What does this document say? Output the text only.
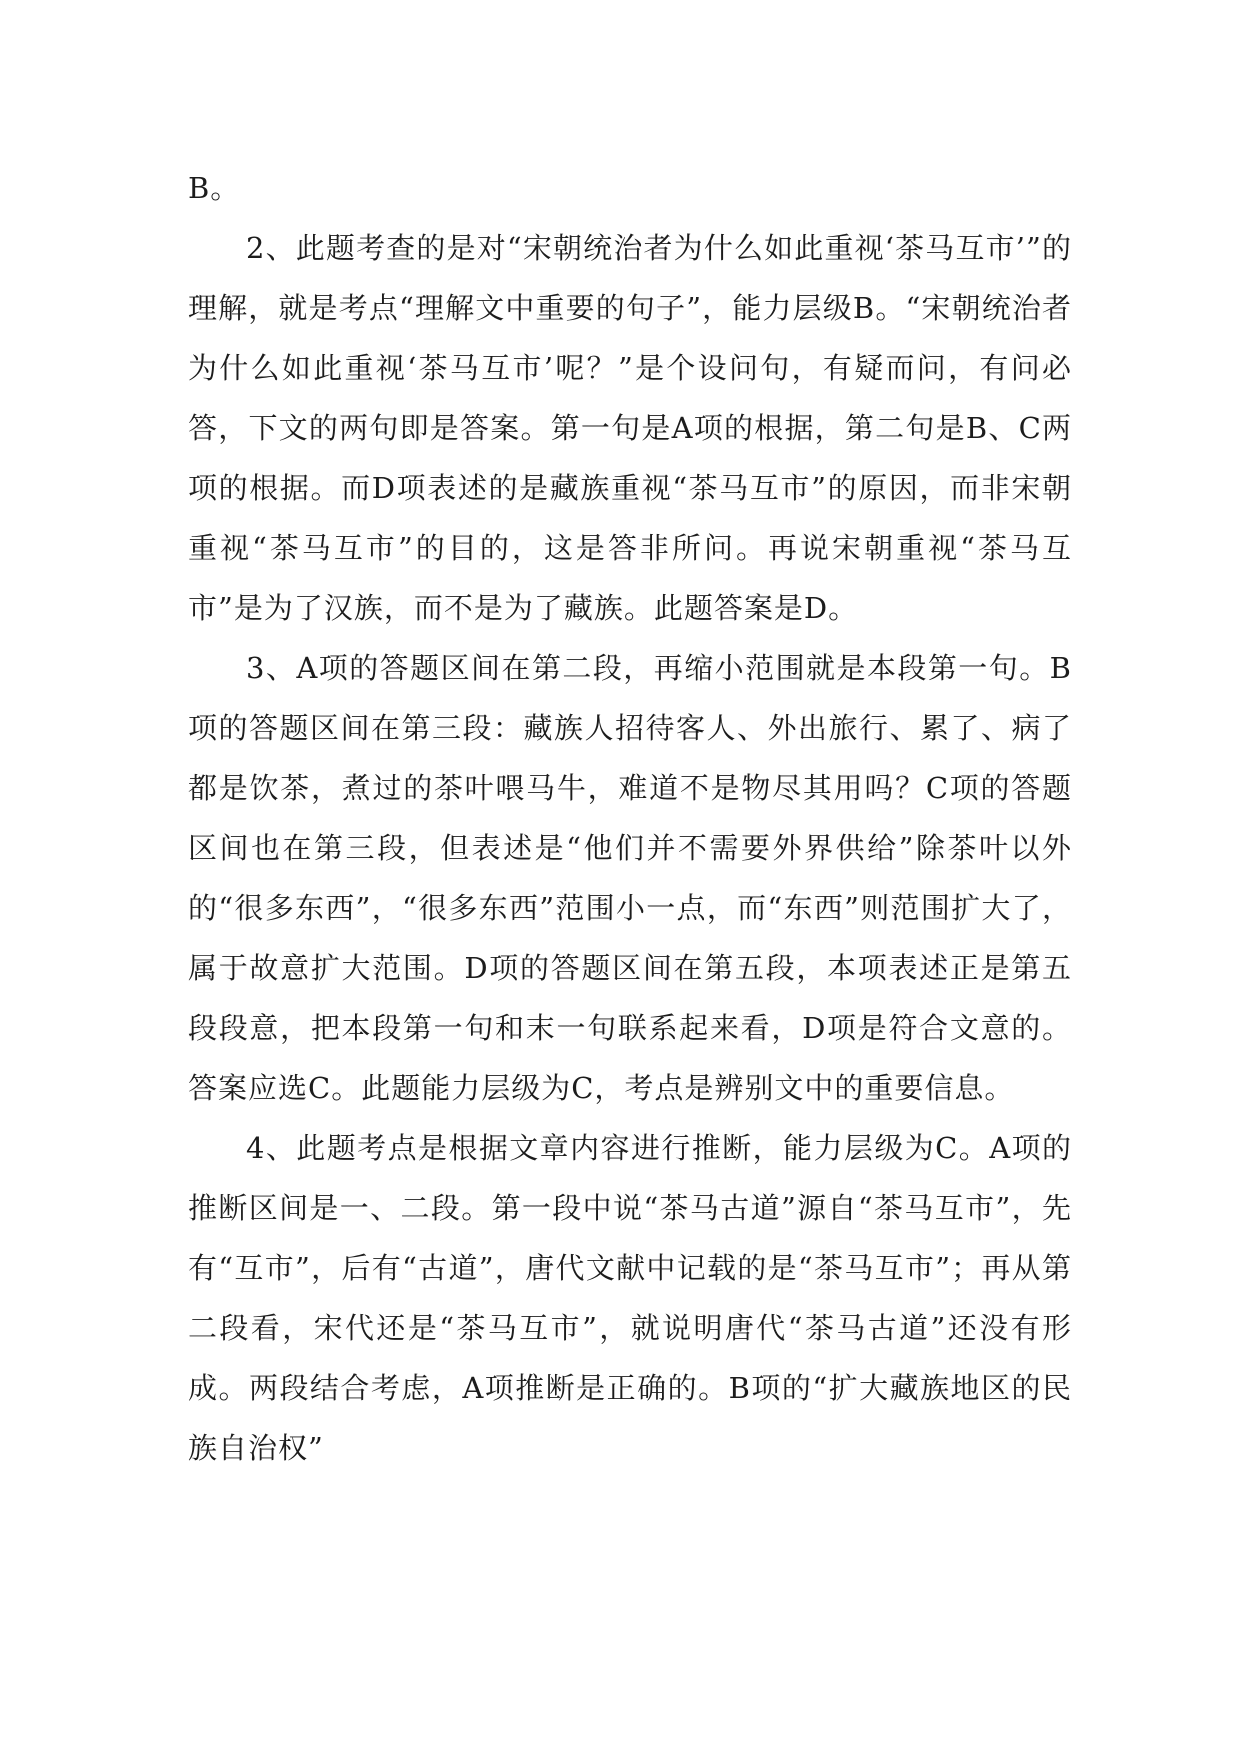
B。

2、此题考查的是对“宋朝统治者为什么如此重视‘茶马互市’”的理解，就是考点“理解文中重要的句子”，能力层级B。“宋朝统治者为什么如此重视‘茶马互市’呢？”是个设问句，有疑而问，有问必答，下文的两句即是答案。第一句是A项的根据，第二句是B、C两项的根据。而D项表述的是藏族重视“茶马互市”的原因，而非宋朝重视“茶马互市”的目的，这是答非所问。再说宋朝重视“茶马互市”是为了汉族，而不是为了藏族。此题答案是D。

3、A项的答题区间在第二段，再缩小范围就是本段第一句。B项的答题区间在第三段：藏族人招待客人、外出旅行、累了、病了都是饮茶，煮过的茶叶喂马牛，难道不是物尽其用吗？C项的答题区间也在第三段，但表述是“他们并不需要外界供给”除茶叶以外的“很多东西”，“很多东西”范围小一点，而“东西”则范围扩大了，属于故意扩大范围。D项的答题区间在第五段，本项表述正是第五段段意，把本段第一句和末一句联系起来看，D项是符合文意的。答案应选C。此题能力层级为C，考点是辨别文中的重要信息。

4、此题考点是根据文章内容进行推断，能力层级为C。A项的推断区间是一、二段。第一段中说“茶马古道”源自“茶马互市”，先有“互市”，后有“古道”，唐代文献中记载的是“茶马互市”；再从第二段看，宋代还是“茶马互市”，就说明唐代“茶马古道”还没有形成。两段结合考虑，A项推断是正确的。B项的“扩大藏族地区的民族自治权”
